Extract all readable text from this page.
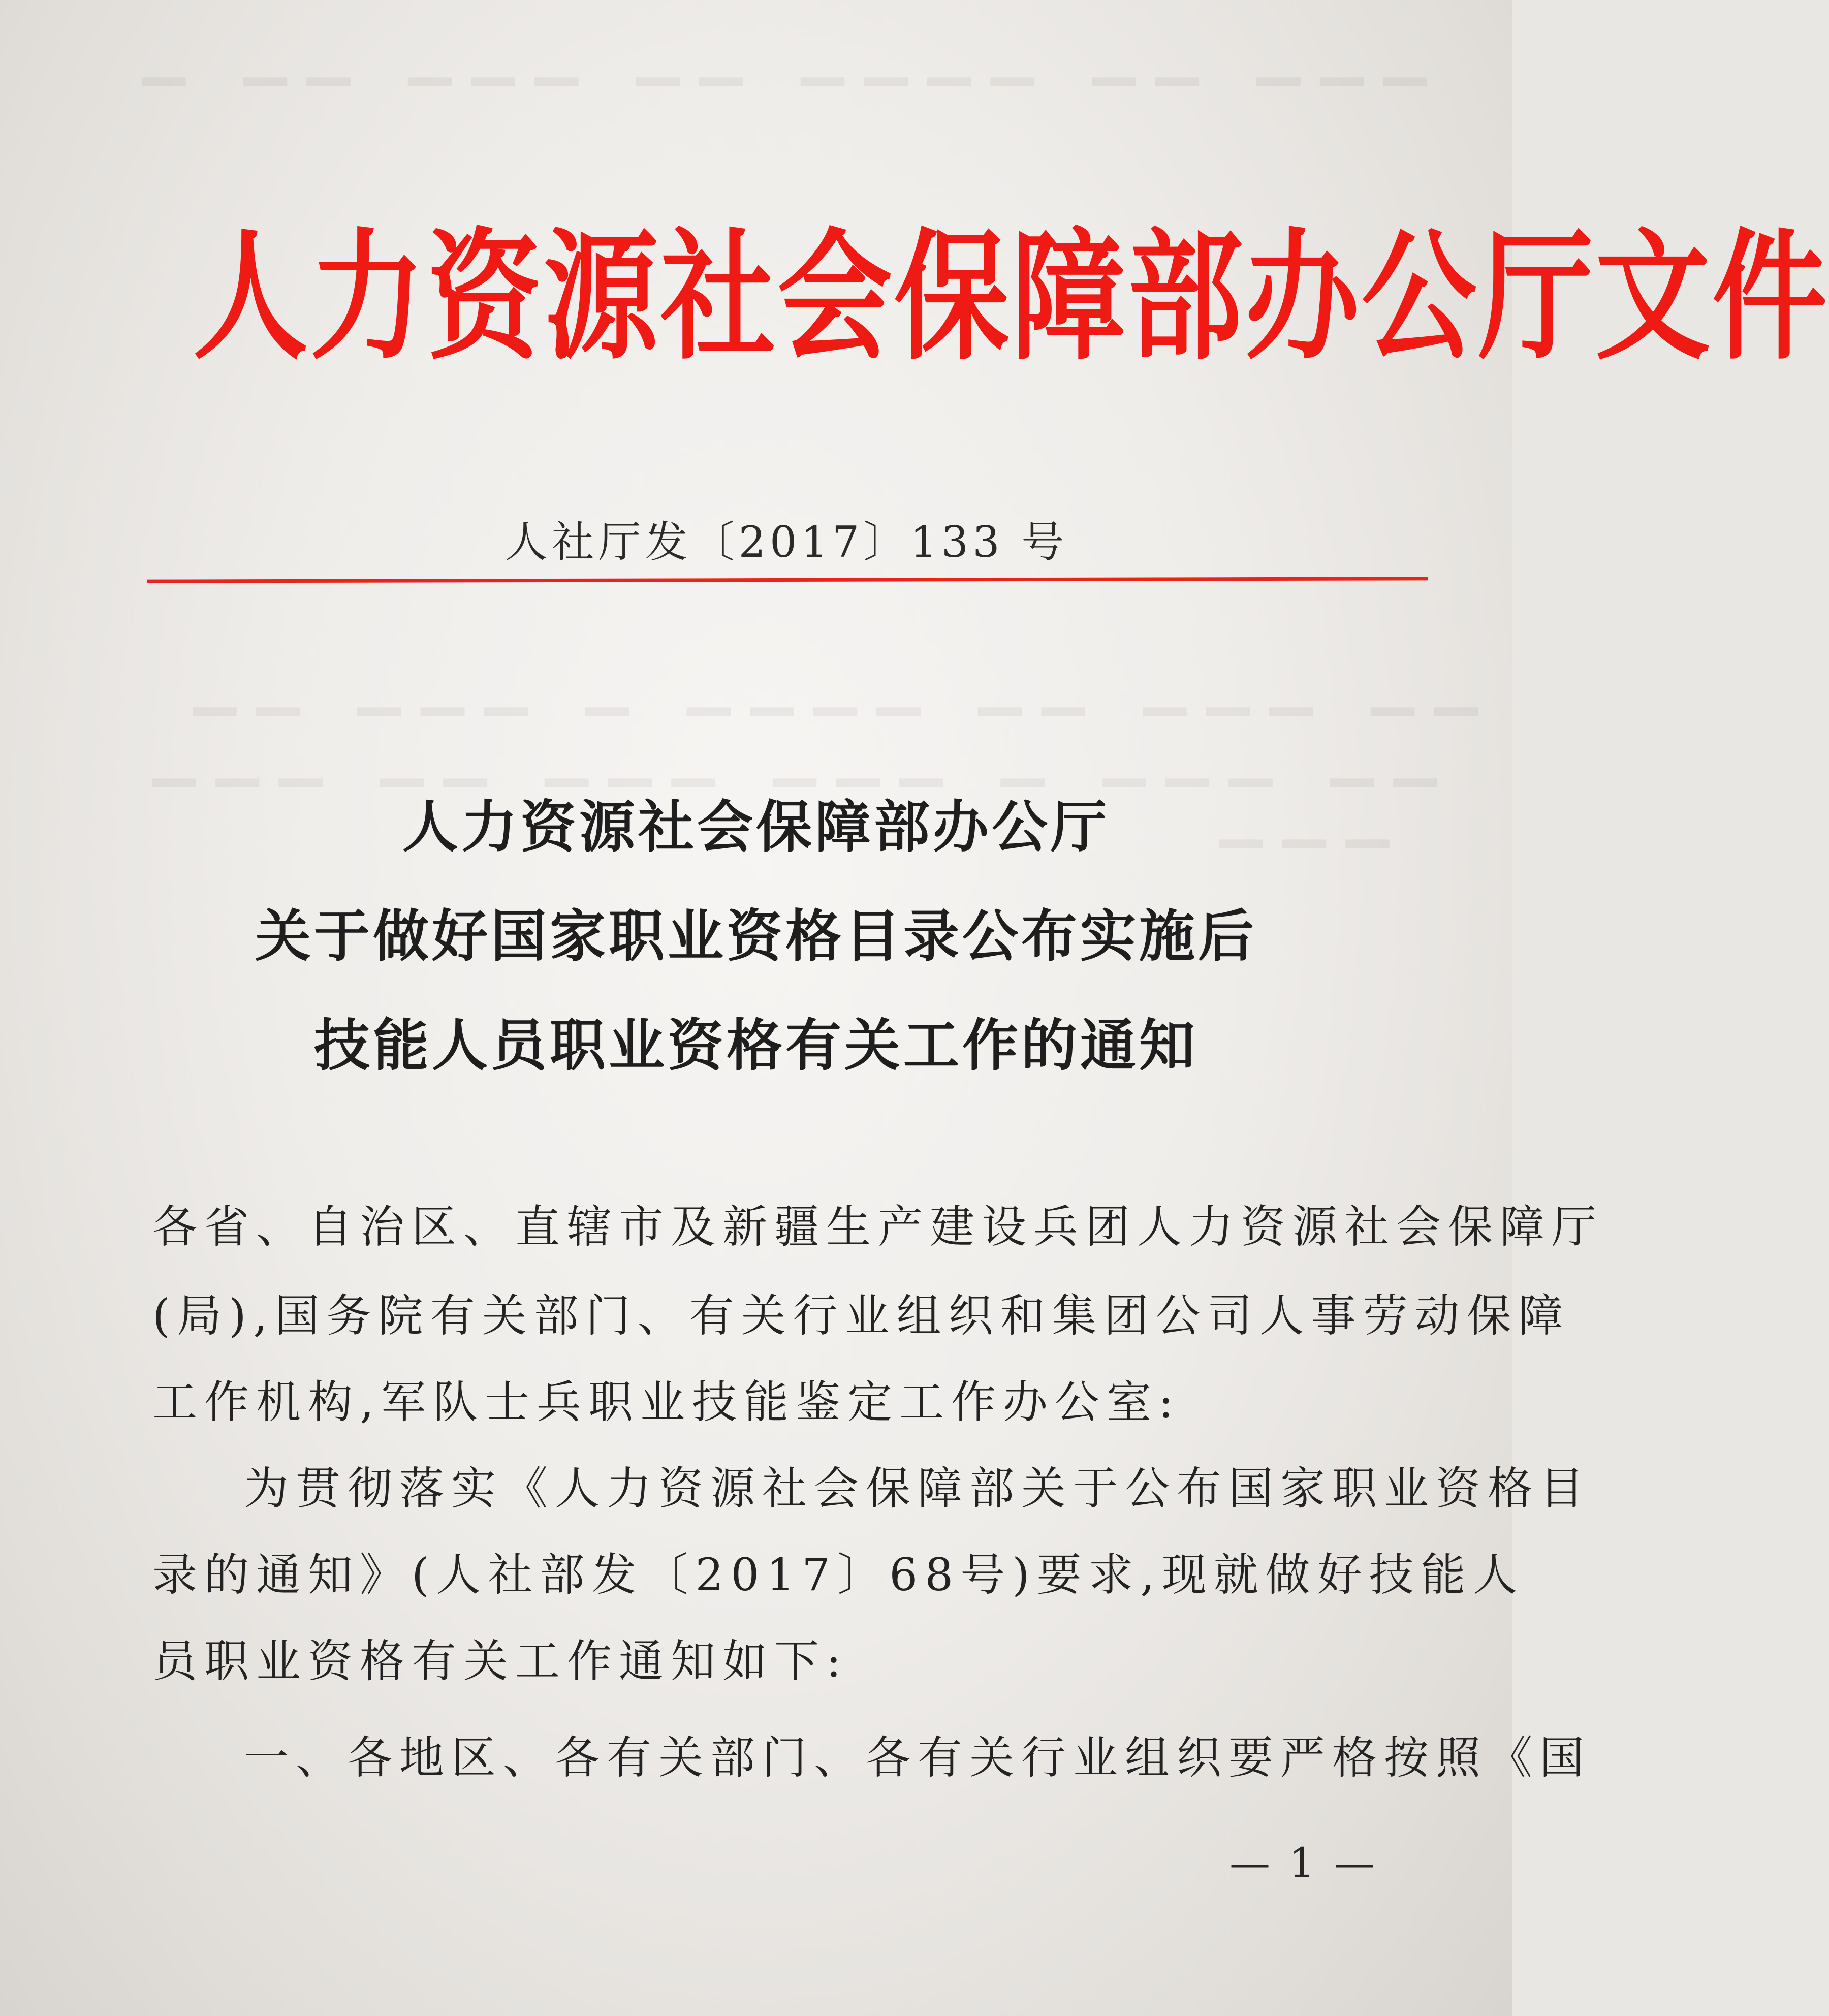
▁ ▁▁ ▁▁▁ ▁▁ ▁▁▁▁ ▁▁ ▁▁▁
▁▁ ▁▁▁ ▁ ▁▁▁▁ ▁▁ ▁▁▁ ▁▁
▁▁▁ ▁▁ ▁▁▁ ▁▁▁ ▁ ▁▁▁ ▁▁
▁▁▁
人力资源社会保障部办公厅文件
人社厅发〔2017〕133 号
人力资源社会保障部办公厅
关于做好国家职业资格目录公布实施后
技能人员职业资格有关工作的通知
各省、自治区、直辖市及新疆生产建设兵团人力资源社会保障厅
(局),国务院有关部门、有关行业组织和集团公司人事劳动保障
工作机构,军队士兵职业技能鉴定工作办公室:
为贯彻落实《人力资源社会保障部关于公布国家职业资格目
录的通知》(人社部发〔2017〕68号)要求,现就做好技能人
员职业资格有关工作通知如下:
一、各地区、各有关部门、各有关行业组织要严格按照《国
— 1 —
